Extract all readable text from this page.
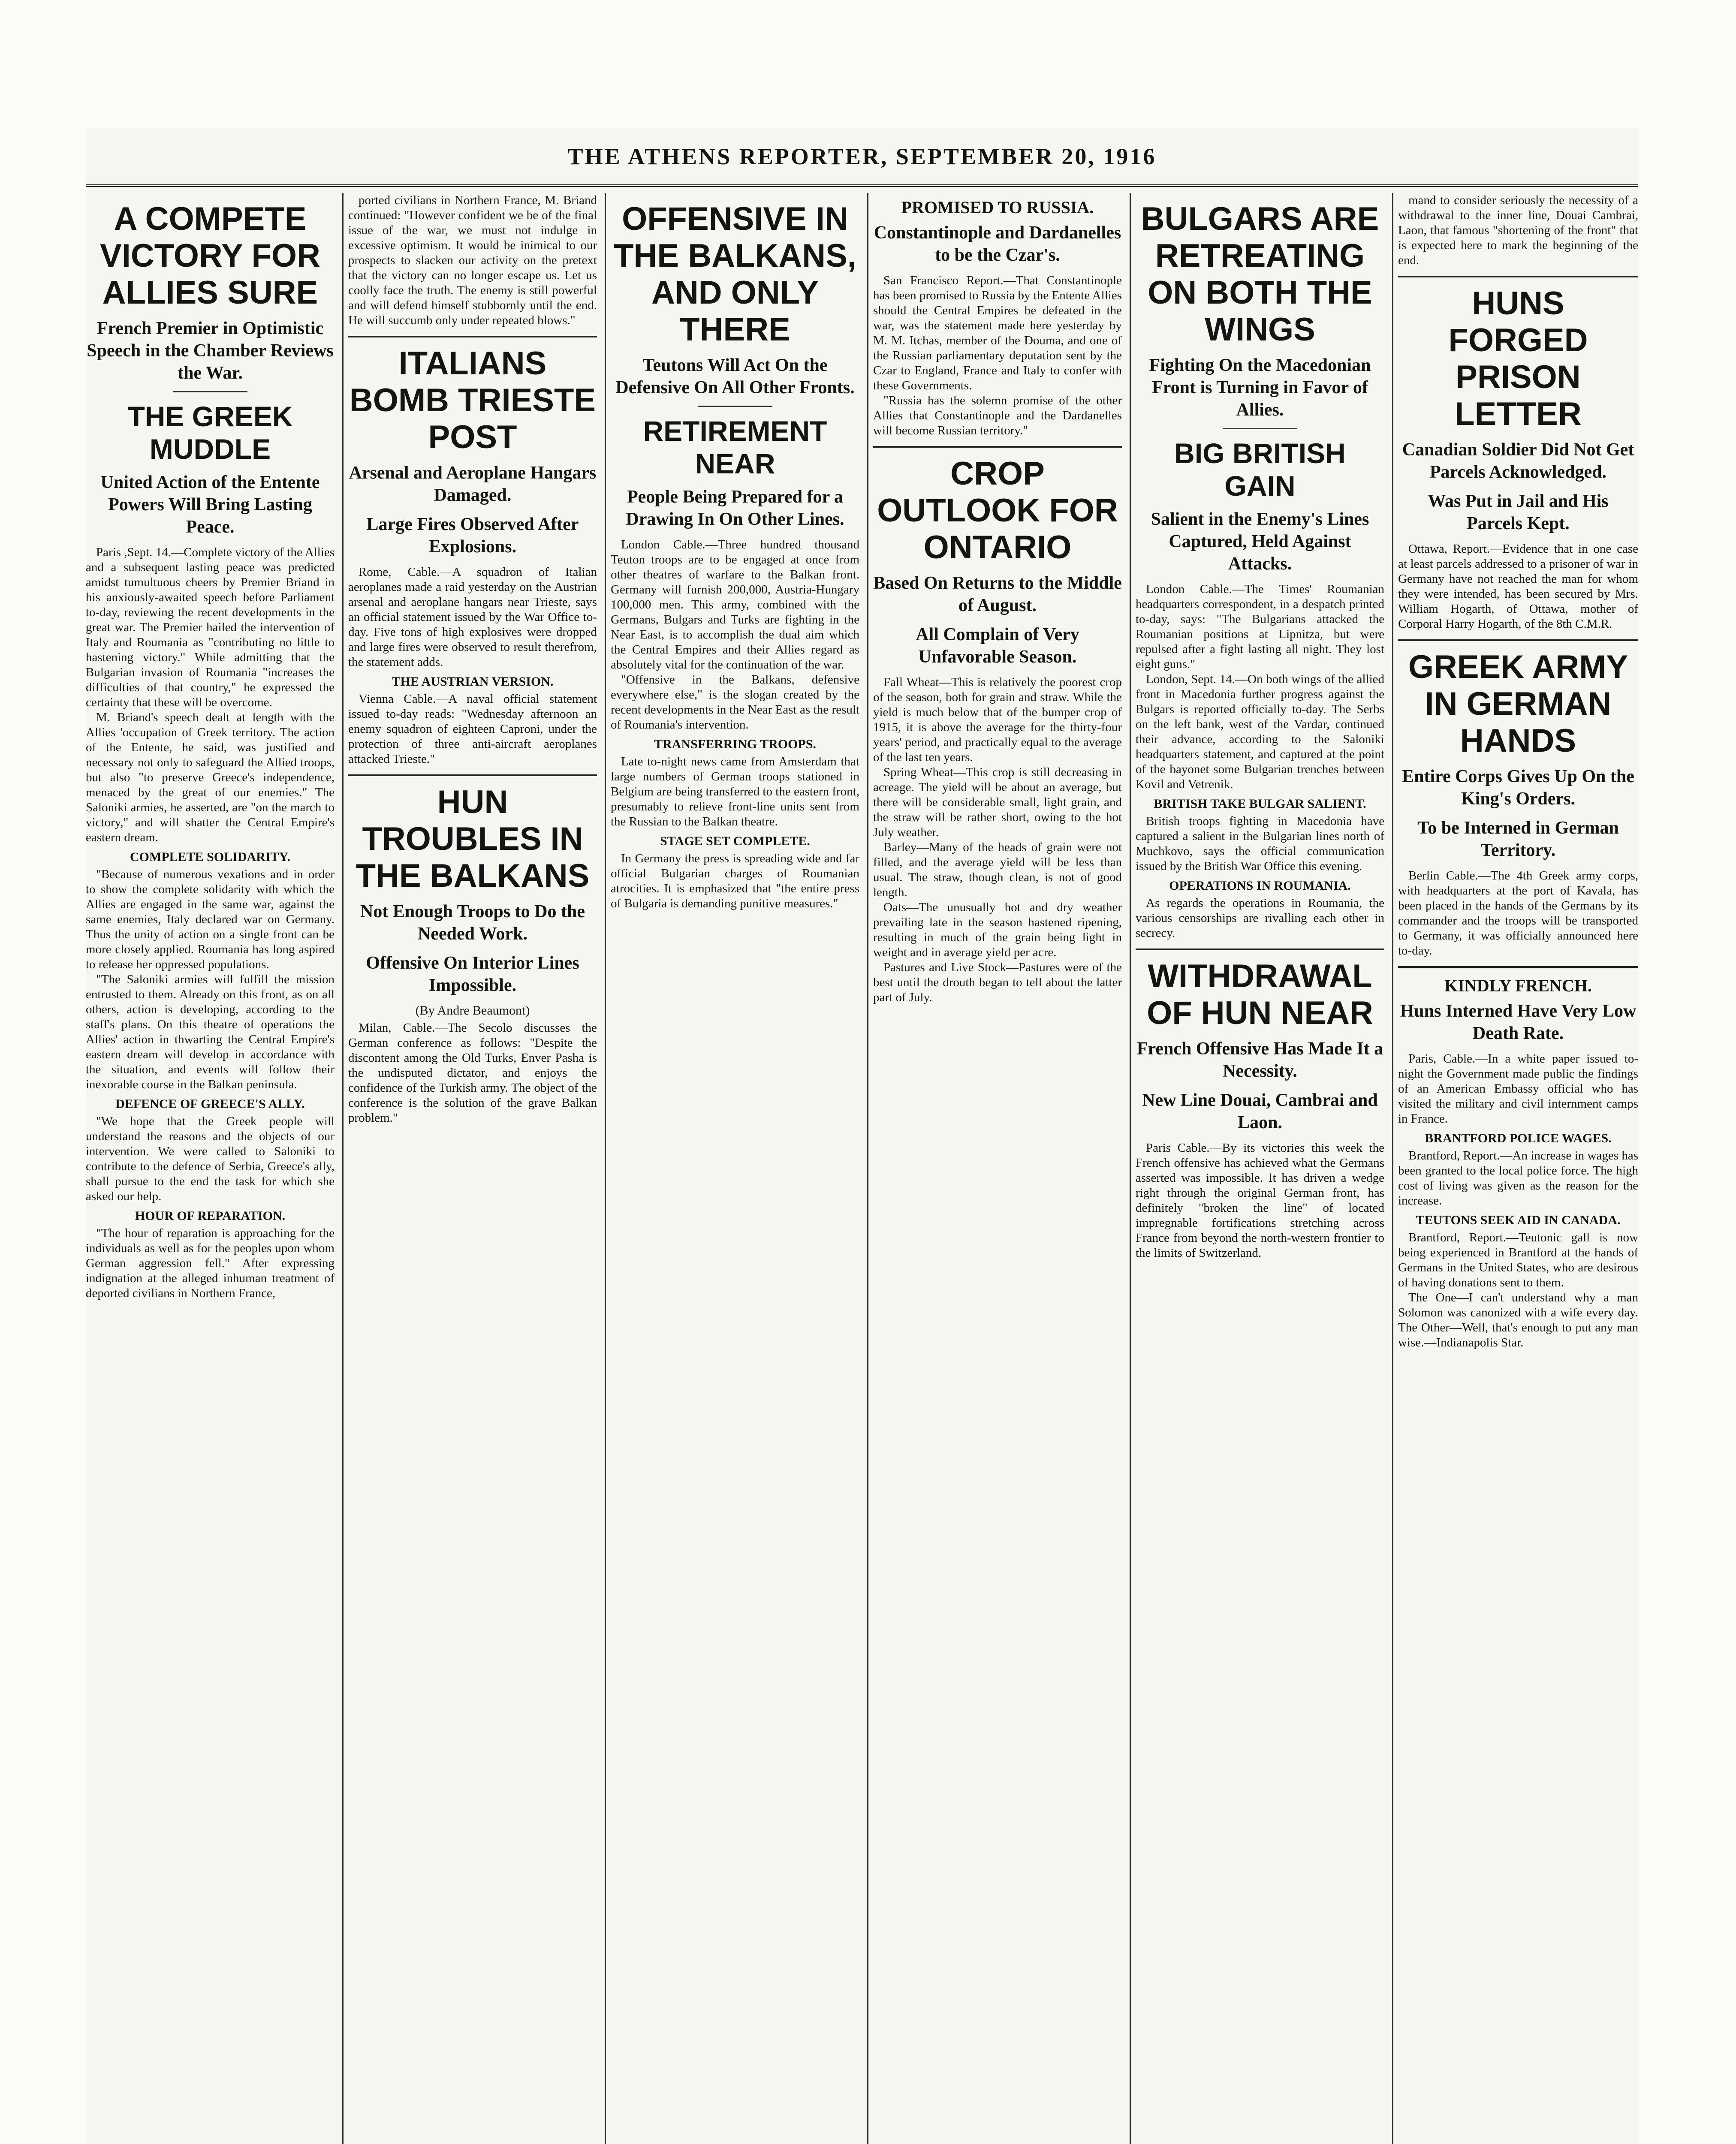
THE ATHENS REPORTER, SEPTEMBER 20, 1916
A COMPETE VICTORY FOR ALLIES SURE
French Premier in Optimistic Speech in the Chamber Reviews the War.
THE GREEK MUDDLE
United Action of the Entente Powers Will Bring Lasting Peace.

Paris ,Sept. 14.—Complete victory of the Allies and a subsequent lasting peace was predicted amidst tumultuous cheers by Premier Briand in his anxiously-awaited speech before Parliament to-day, reviewing the recent developments in the great war. The Premier hailed the intervention of Italy and Roumania as "contributing no little to hastening victory." While admitting that the Bulgarian invasion of Roumania "increases the difficulties of that country," he expressed the certainty that these will be overcome.

M. Briand's speech dealt at length with the Allies 'occupation of Greek territory. The action of the Entente, he said, was justified and necessary not only to safeguard the Allied troops, but also "to preserve Greece's independence, menaced by the great of our enemies." The Saloniki armies, he asserted, are "on the march to victory," and will shatter the Central Empire's eastern dream.

COMPLETE SOLIDARITY.

"Because of numerous vexations and in order to show the complete solidarity with which the Allies are engaged in the same war, against the same enemies, Italy declared war on Germany. Thus the unity of action on a single front can be more closely applied. Roumania has long aspired to release her oppressed populations.

"The Saloniki armies will fulfill the mission entrusted to them. Already on this front, as on all others, action is developing, according to the staff's plans. On this theatre of operations the Allies' action in thwarting the Central Empire's eastern dream will develop in accordance with the situation, and events will follow their inexorable course in the Balkan peninsula.

DEFENCE OF GREECE'S ALLY.

"We hope that the Greek people will understand the reasons and the objects of our intervention. We were called to Saloniki to contribute to the defence of Serbia, Greece's ally, shall pursue to the end the task for which she asked our help.

HOUR OF REPARATION.

"The hour of reparation is approaching for the individuals as well as for the peoples upon whom German aggression fell." After expressing indignation at the alleged inhuman treatment of deported civilians in Northern France,

ported civilians in Northern France, M. Briand continued: "However confident we be of the final issue of the war, we must not indulge in excessive optimism. It would be inimical to our prospects to slacken our activity on the pretext that the victory can no longer escape us. Let us coolly face the truth. The enemy is still powerful and will defend himself stubbornly until the end. He will succumb only under repeated blows."

ITALIANS BOMB TRIESTE POST
Arsenal and Aeroplane Hangars Damaged.
Large Fires Observed After Explosions.

Rome, Cable.—A squadron of Italian aeroplanes made a raid yesterday on the Austrian arsenal and aeroplane hangars near Trieste, says an official statement issued by the War Office to-day. Five tons of high explosives were dropped and large fires were observed to result therefrom, the statement adds.

THE AUSTRIAN VERSION.

Vienna Cable.—A naval official statement issued to-day reads: "Wednesday afternoon an enemy squadron of eighteen Caproni, under the protection of three anti-aircraft aeroplanes attacked Trieste."

HUN TROUBLES IN THE BALKANS
Not Enough Troops to Do the Needed Work.
Offensive On Interior Lines Impossible.
(By Andre Beaumont)

Milan, Cable.—The Secolo discusses the German conference as follows: "Despite the discontent among the Old Turks, Enver Pasha is the undisputed dictator, and enjoys the confidence of the Turkish army. The object of the conference is the solution of the grave Balkan problem."

OFFENSIVE IN THE BALKANS, AND ONLY THERE
Teutons Will Act On the Defensive On All Other Fronts.
RETIREMENT NEAR
People Being Prepared for a Drawing In On Other Lines.

London Cable.—Three hundred thousand Teuton troops are to be engaged at once from other theatres of warfare to the Balkan front. Germany will furnish 200,000, Austria-Hungary 100,000 men. This army, combined with the Germans, Bulgars and Turks are fighting in the Near East, is to accomplish the dual aim which the Central Empires and their Allies regard as absolutely vital for the continuation of the war.

"Offensive in the Balkans, defensive everywhere else," is the slogan created by the recent developments in the Near East as the result of Roumania's intervention.

TRANSFERRING TROOPS.

Late to-night news came from Amsterdam that large numbers of German troops stationed in Belgium are being transferred to the eastern front, presumably to relieve front-line units sent from the Russian to the Balkan theatre.

STAGE SET COMPLETE.

In Germany the press is spreading wide and far official Bulgarian charges of Roumanian atrocities. It is emphasized that "the entire press of Bulgaria is demanding punitive measures."

PROMISED TO RUSSIA.
Constantinople and Dardanelles to be the Czar's.

San Francisco Report.—That Constantinople has been promised to Russia by the Entente Allies should the Central Empires be defeated in the war, was the statement made here yesterday by M. M. Itchas, member of the Douma, and one of the Russian parliamentary deputation sent by the Czar to England, France and Italy to confer with these Governments.

"Russia has the solemn promise of the other Allies that Constantinople and the Dardanelles will become Russian territory."

CROP OUTLOOK FOR ONTARIO
Based On Returns to the Middle of August.
All Complain of Very Unfavorable Season.

Fall Wheat—This is relatively the poorest crop of the season, both for grain and straw. While the yield is much below that of the bumper crop of 1915, it is above the average for the thirty-four years' period, and practically equal to the average of the last ten years.

Spring Wheat—This crop is still decreasing in acreage. The yield will be about an average, but there will be considerable small, light grain, and the straw will be rather short, owing to the hot July weather.

Barley—Many of the heads of grain were not filled, and the average yield will be less than usual. The straw, though clean, is not of good length.

Oats—The unusually hot and dry weather prevailing late in the season hastened ripening, resulting in much of the grain being light in weight and in average yield per acre.

Pastures and Live Stock—Pastures were of the best until the drouth began to tell about the latter part of July.

BULGARS ARE RETREATING ON BOTH THE WINGS
Fighting On the Macedonian Front is Turning in Favor of Allies.
BIG BRITISH GAIN
Salient in the Enemy's Lines Captured, Held Against Attacks.

London Cable.—The Times' Roumanian headquarters correspondent, in a despatch printed to-day, says: "The Bulgarians attacked the Roumanian positions at Lipnitza, but were repulsed after a fight lasting all night. They lost eight guns."

London, Sept. 14.—On both wings of the allied front in Macedonia further progress against the Bulgars is reported officially to-day. The Serbs on the left bank, west of the Vardar, continued their advance, according to the Saloniki headquarters statement, and captured at the point of the bayonet some Bulgarian trenches between Kovil and Vetrenik.

BRITISH TAKE BULGAR SALIENT.

British troops fighting in Macedonia have captured a salient in the Bulgarian lines north of Muchkovo, says the official communication issued by the British War Office this evening.

OPERATIONS IN ROUMANIA.

As regards the operations in Roumania, the various censorships are rivalling each other in secrecy.

WITHDRAWAL OF HUN NEAR
French Offensive Has Made It a Necessity.
New Line Douai, Cambrai and Laon.

Paris Cable.—By its victories this week the French offensive has achieved what the Germans asserted was impossible. It has driven a wedge right through the original German front, has definitely "broken the line" of located impregnable fortifications stretching across France from beyond the north-western frontier to the limits of Switzerland.

mand to consider seriously the necessity of a withdrawal to the inner line, Douai Cambrai, Laon, that famous "shortening of the front" that is expected here to mark the beginning of the end.

HUNS FORGED PRISON LETTER
Canadian Soldier Did Not Get Parcels Acknowledged.
Was Put in Jail and His Parcels Kept.

Ottawa, Report.—Evidence that in one case at least parcels addressed to a prisoner of war in Germany have not reached the man for whom they were intended, has been secured by Mrs. William Hogarth, of Ottawa, mother of Corporal Harry Hogarth, of the 8th C.M.R.

GREEK ARMY IN GERMAN HANDS
Entire Corps Gives Up On the King's Orders.
To be Interned in German Territory.

Berlin Cable.—The 4th Greek army corps, with headquarters at the port of Kavala, has been placed in the hands of the Germans by its commander and the troops will be transported to Germany, it was officially announced here to-day.

KINDLY FRENCH.
Huns Interned Have Very Low Death Rate.

Paris, Cable.—In a white paper issued to-night the Government made public the findings of an American Embassy official who has visited the military and civil internment camps in France.

BRANTFORD POLICE WAGES.

Brantford, Report.—An increase in wages has been granted to the local police force. The high cost of living was given as the reason for the increase.

TEUTONS SEEK AID IN CANADA.

Brantford, Report.—Teutonic gall is now being experienced in Brantford at the hands of Germans in the United States, who are desirous of having donations sent to them.

The One—I can't understand why a man Solomon was canonized with a wife every day. The Other—Well, that's enough to put any man wise.—Indianapolis Star.
